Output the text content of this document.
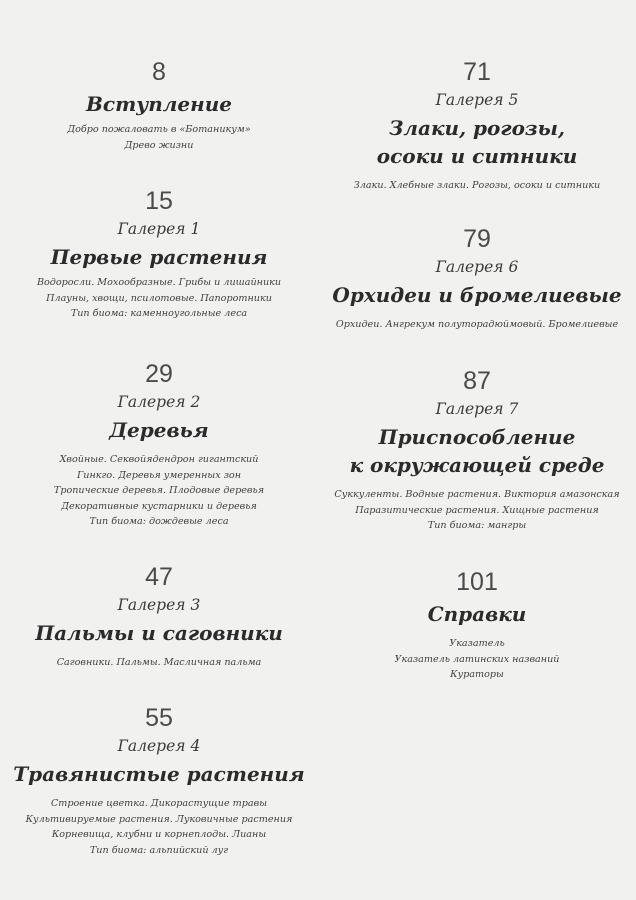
8
Вступление
Добро пожаловать в «Ботаникум»
Древо жизни
15
Галерея 1
Первые растения
Водоросли. Мохообразные. Грибы и лишайники
Плауны, хвощи, псилотовые. Папоротники
Тип биома: каменноугольные леса
29
Галерея 2
Деревья
Хвойные. Секвойядендрон гигантский
Гинкго. Деревья умеренных зон
Тропические деревья. Плодовые деревья
Декоративные кустарники и деревья
Тип биома: дождевые леса
47
Галерея 3
Пальмы и саговники
Саговники. Пальмы. Масличная пальма
55
Галерея 4
Травянистые растения
Строение цветка. Дикорастущие травы
Культивируемые растения. Луковичные растения
Корневища, клубни и корнеплоды. Лианы
Тип биома: альпийский луг
71
Галерея 5
Злаки, рогозы,
осоки и ситники
Злаки. Хлебные злаки. Рогозы, осоки и ситники
79
Галерея 6
Орхидеи и бромелиевые
Орхидеи. Ангрекум полуторадюймовый. Бромелиевые
87
Галерея 7
Приспособление
к окружающей среде
Суккуленты. Водные растения. Виктория амазонская
Паразитические растения. Хищные растения
Тип биома: мангры
101
Справки
Указатель
Указатель латинских названий
Кураторы
